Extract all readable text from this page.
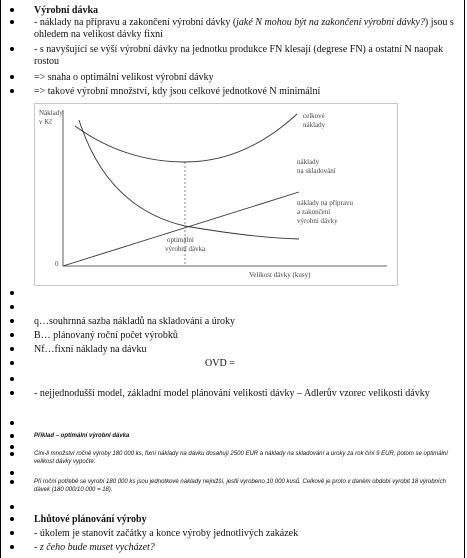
Výrobní dávka
- náklady na přípravu a zakončení výrobní dávky (jaké N mohou být na zakončení výrobní dávky?) jsou s ohledem na velikost dávky fixní
- s navyšující se výší výrobní dávky na jednotku produkce FN klesají (degrese FN) a ostatní N naopak rostou
=> snaha o optimální velikost výrobní dávky
=> takové výrobní množství, kdy jsou celkové jednotkové N minimální
Náklady
v Kč
0
Velikost dávky (kusy)
celkové
náklady
náklady
na skladování
náklady na přípravu
a zakončení
výrobní dávky
optimální
výrobní dávka
q…souhrnná sazba nákladů na skladování a úroky
B… plánovaný roční počet výrobků
Nf…fixní náklady na dávku
OVD =
- nejjednodušší model, základní model plánování velikosti dávky – Adlerův vzorec velikosti dávky
Příklad – optimální výrobní dávka
Cini-li množství ročně výroby 180 000 ks, fixní náklady na dávku dosahují 2500 EUR a náklady na skladování a úroky za rok činí 9 EUR, potom se optimální velikost dávky vypočte:
Při roční potřebě se vyrobí 180 000 ks jsou jednotkové náklady nejnižší, jestli vyrobeno 10 000 kusů. Celkově je proto v daném období vyrobit 18 výrobních dávek (180 000/10 000 = 18).
Lhůtové plánování výroby
- úkolem je stanovit začátky a konce výroby jednotlivých zakázek
- z čeho bude muset vycházet?
